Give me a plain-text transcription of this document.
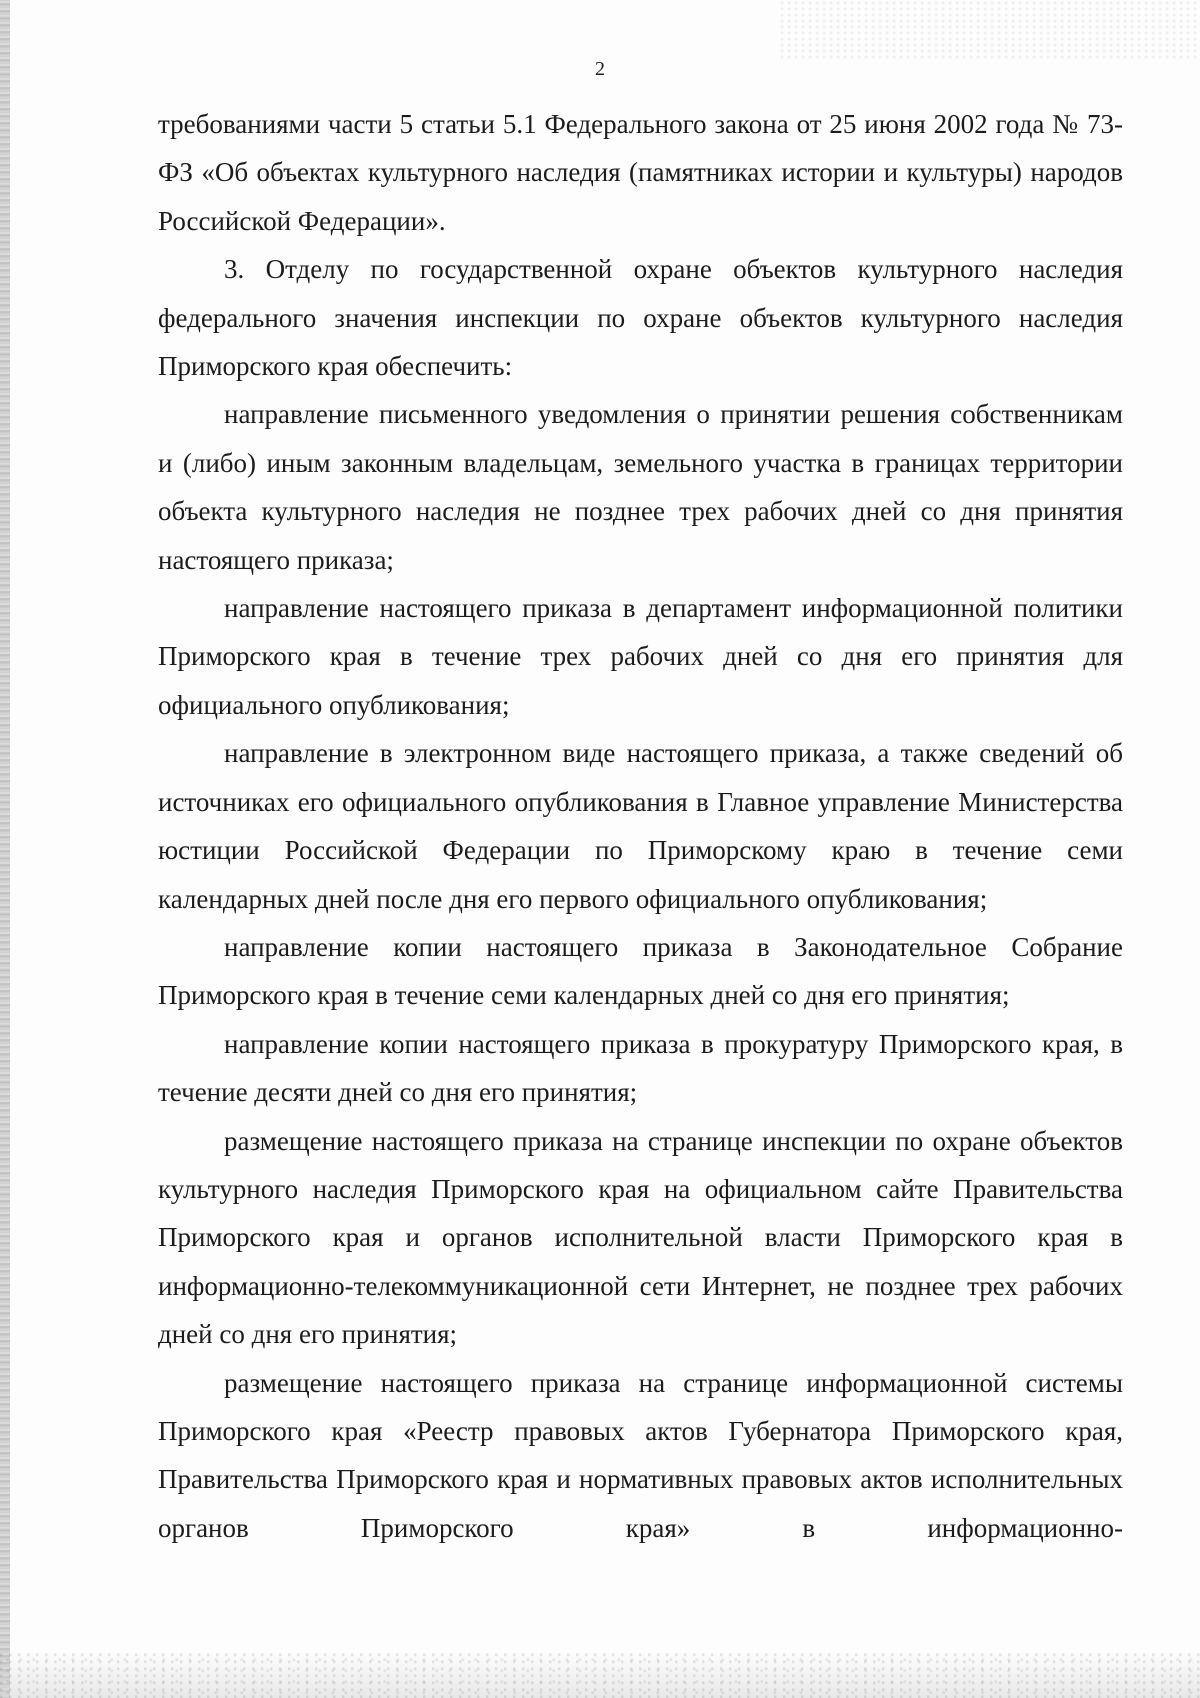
2

требованиями части 5 статьи 5.1 Федерального закона от 25 июня 2002 года № 73-ФЗ «Об объектах культурного наследия (памятниках истории и культуры) народов Российской Федерации».

3. Отделу по государственной охране объектов культурного наследия федерального значения инспекции по охране объектов культурного наследия Приморского края обеспечить:

направление письменного уведомления о принятии решения собственникам и (либо) иным законным владельцам, земельного участка в границах территории объекта культурного наследия не позднее трех рабочих дней со дня принятия настоящего приказа;

направление настоящего приказа в департамент информационной политики Приморского края в течение трех рабочих дней со дня его принятия для официального опубликования;

направление в электронном виде настоящего приказа, а также сведений об источниках его официального опубликования в Главное управление Министерства юстиции Российской Федерации по Приморскому краю в течение семи календарных дней после дня его первого официального опубликования;

направление копии настоящего приказа в Законодательное Собрание Приморского края в течение семи календарных дней со дня его принятия;

направление копии настоящего приказа в прокуратуру Приморского края, в течение десяти дней со дня его принятия;

размещение настоящего приказа на странице инспекции по охране объектов культурного наследия Приморского края на официальном сайте Правительства Приморского края и органов исполнительной власти Приморского края в информационно-телекоммуникационной сети Интернет, не позднее трех рабочих дней со дня его принятия;

размещение настоящего приказа на странице информационной системы Приморского края «Реестр правовых актов Губернатора Приморского края, Правительства Приморского края и нормативных правовых актов исполнительных органов Приморского края» в информационно-
